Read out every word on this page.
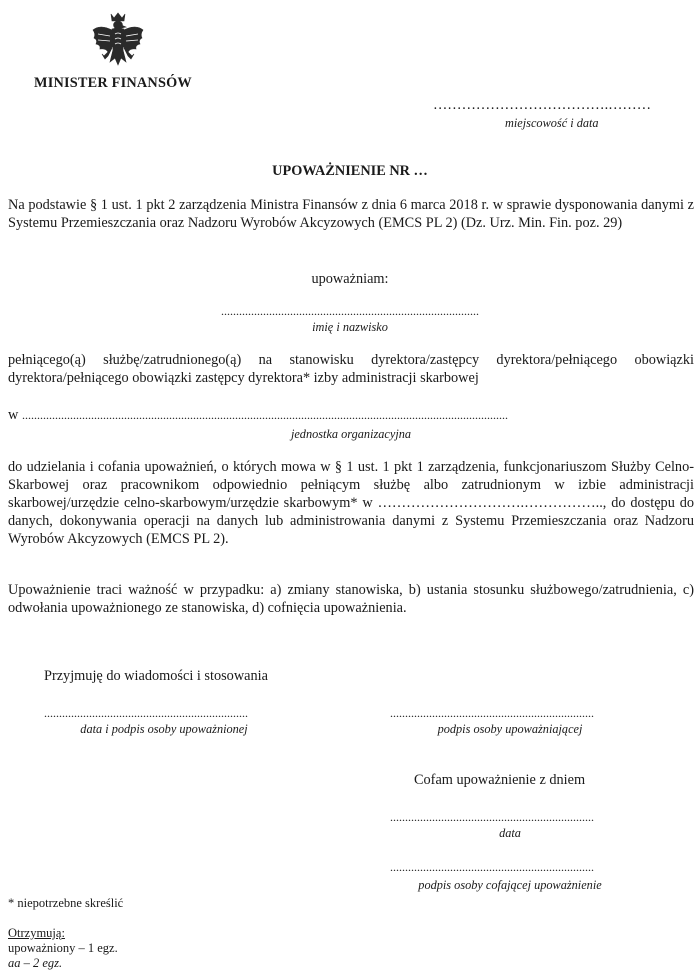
MINISTER FINANSÓW
……………………………….………
miejscowość i data
UPOWAŻNIENIE NR …
Na podstawie § 1 ust. 1 pkt 2 zarządzenia Ministra Finansów z dnia 6 marca 2018 r. w sprawie dysponowania danymi z Systemu Przemieszczania oraz Nadzoru Wyrobów Akcyzowych (EMCS PL 2) (Dz. Urz. Min. Fin. poz. 29)
upoważniam:
......................................................................................
imię i nazwisko
pełniącego(ą) służbę/zatrudnionego(ą) na stanowisku dyrektora/zastępcy dyrektora/pełniącego obowiązki dyrektora/pełniącego obowiązki zastępcy dyrektora* izby administracji skarbowej
w ..................................................................................................................................................................
jednostka organizacyjna
do udzielania i cofania upoważnień, o których mowa w § 1 ust. 1 pkt 1 zarządzenia, funkcjonariuszom Służby Celno-Skarbowej oraz pracownikom odpowiednio pełniącym służbę albo zatrudnionym w izbie administracji skarbowej/urzędzie celno-skarbowym/urzędzie skarbowym* w ………………………….…………….., do dostępu do danych, dokonywania operacji na danych lub administrowania danymi z Systemu Przemieszczania oraz Nadzoru Wyrobów Akcyzowych (EMCS PL 2).
Upoważnienie traci ważność w przypadku: a) zmiany stanowiska, b) ustania stosunku służbowego/zatrudnienia, c) odwołania upoważnionego ze stanowiska, d) cofnięcia upoważnienia.
Przyjmuję do wiadomości i stosowania
....................................................................
data i podpis osoby upoważnionej
....................................................................
podpis osoby upoważniającej
Cofam upoważnienie z dniem
....................................................................
data
....................................................................
podpis osoby cofającej upoważnienie
* niepotrzebne skreślić
Otrzymują:
upoważniony – 1 egz.
aa – 2 egz.
